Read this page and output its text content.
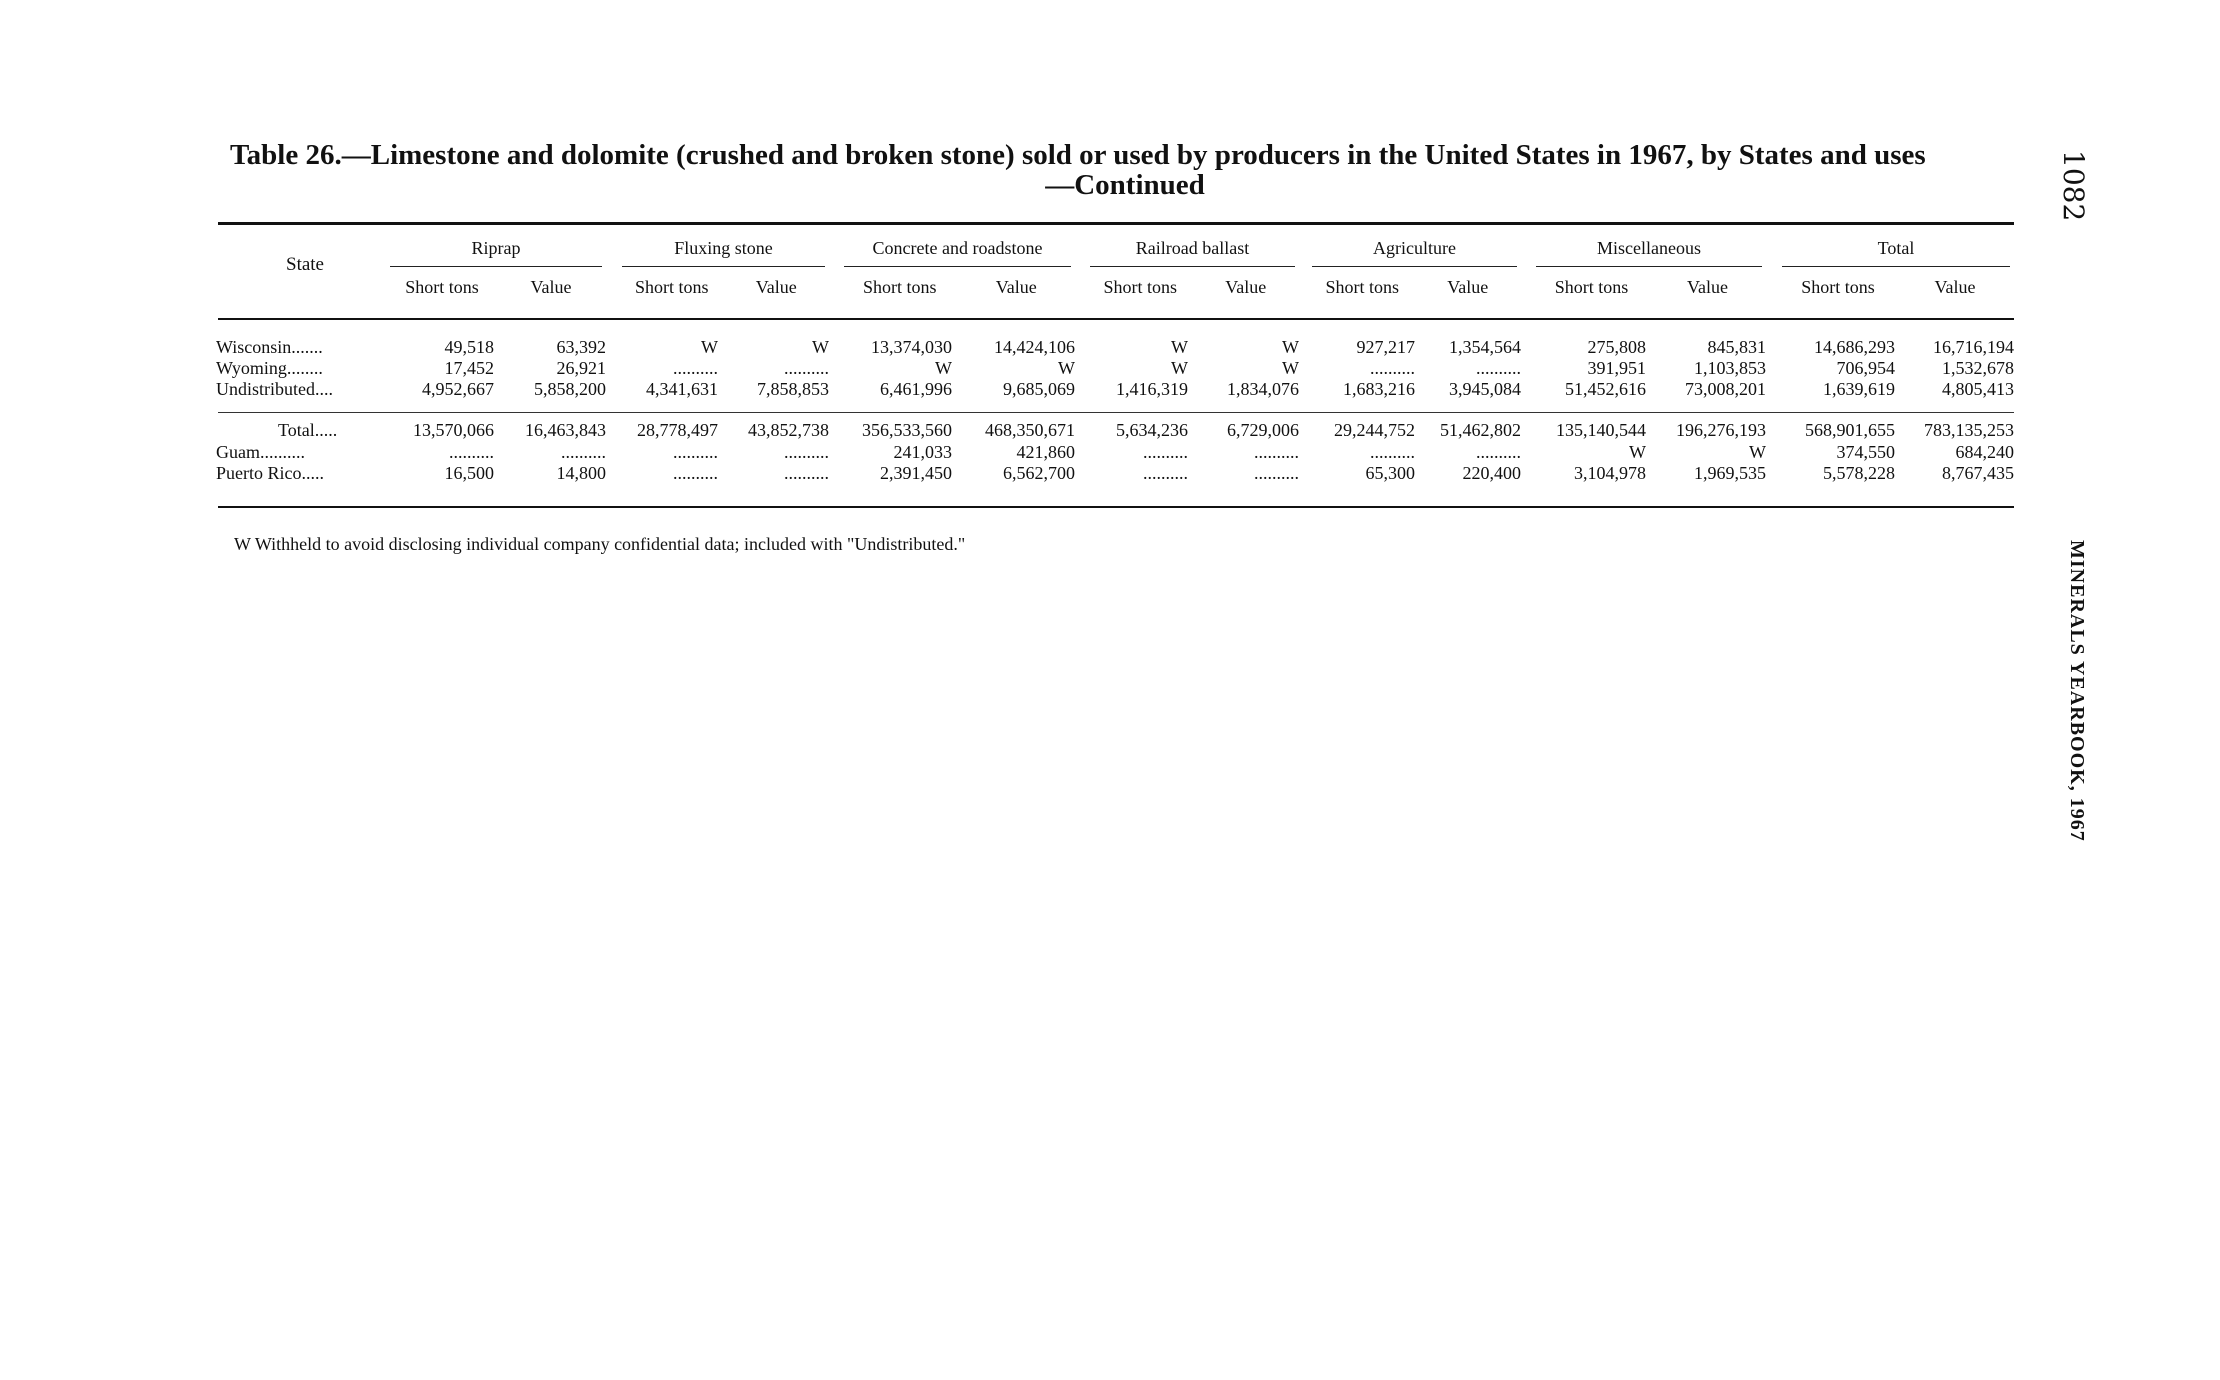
Table 26.—Limestone and dolomite (crushed and broken stone) sold or used by producers in the United States in 1967, by States and uses
—Continued
State
Riprap
Short tons	Value
Fluxing stone
Short tons	Value
Concrete and roadstone
Short tons	Value
Railroad ballast
Short tons	Value
Agriculture
Short tons	Value
Miscellaneous
Short tons	Value
Total
Short tons	Value
Wisconsin.......	49,518	63,392	W	W	13,374,030	14,424,106	W	W	927,217	1,354,564	275,808	845,831	14,686,293	16,716,194
Wyoming........	17,452	26,921	..........	..........	W	W	W	W	..........	..........	391,951	1,103,853	706,954	1,532,678
Undistributed....	4,952,667	5,858,200	4,341,631	7,858,853	6,461,996	9,685,069	1,416,319	1,834,076	1,683,216	3,945,084	51,452,616	73,008,201	1,639,619	4,805,413
Total.....	13,570,066	16,463,843	28,778,497	43,852,738	356,533,560	468,350,671	5,634,236	6,729,006	29,244,752	51,462,802	135,140,544	196,276,193	568,901,655	783,135,253
Guam..........	..........	..........	..........	..........	241,033	421,860	..........	..........	..........	..........	W	W	374,550	684,240
Puerto Rico.....	16,500	14,800	..........	..........	2,391,450	6,562,700	..........	..........	65,300	220,400	3,104,978	1,969,535	5,578,228	8,767,435
W Withheld to avoid disclosing individual company confidential data; included with "Undistributed."
1082
MINERALS YEARBOOK, 1967
